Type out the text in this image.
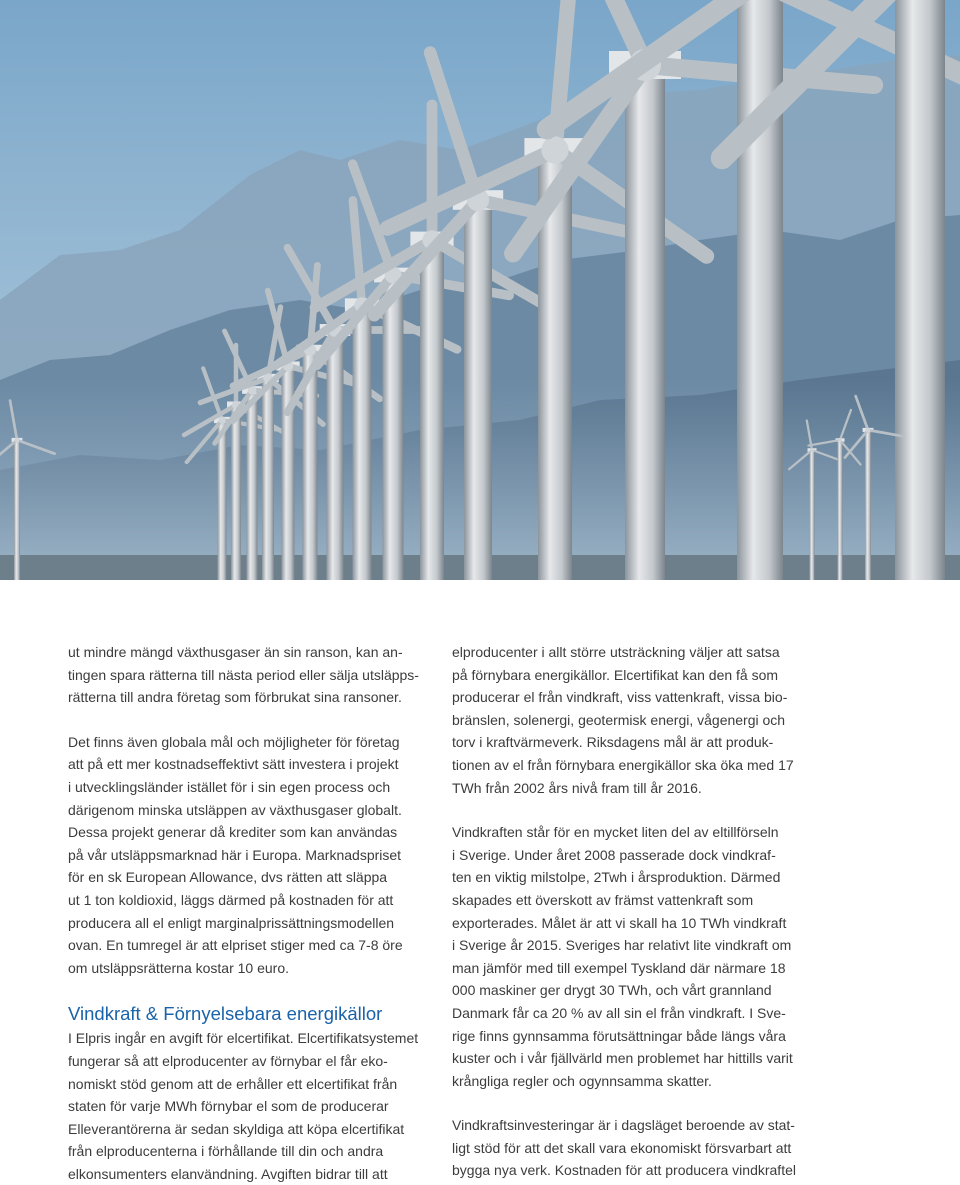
ut mindre mängd växthusgaser än sin ranson, kan an-
tingen spara rätterna till nästa period eller sälja utsläpps-
rätterna till andra företag som förbrukat sina ransoner.

Det finns även globala mål och möjligheter för företag
att på ett mer kostnadseffektivt sätt investera i projekt
i utvecklingsländer istället för i sin egen process och
därigenom minska utsläppen av växthusgaser globalt.
Dessa projekt generar då krediter som kan användas
på vår utsläppsmarknad här i Europa. Marknadspriset
för en sk European Allowance, dvs rätten att släppa
ut 1 ton koldioxid, läggs därmed på kostnaden för att
producera all el enligt marginalprissättningsmodellen
ovan. En tumregel är att elpriset stiger med ca 7-8 öre
om utsläppsrätterna kostar 10 euro.

Vindkraft & Förnyelsebara energikällor

I Elpris ingår en avgift för elcertifikat. Elcertifikatsystemet
fungerar så att elproducenter av förnybar el får eko-
nomiskt stöd genom att de erhåller ett elcertifikat från
staten för varje MWh förnybar el som de producerar
Elleverantörerna är sedan skyldiga att köpa elcertifikat
från elproducenterna i förhållande till din och andra
elkonsumenters elanvändning. Avgiften bidrar till att

elproducenter i allt större utsträckning väljer att satsa
på förnybara energikällor. Elcertifikat kan den få som
producerar el från vindkraft, viss vattenkraft, vissa bio-
bränslen, solenergi, geotermisk energi, vågenergi och
torv i kraftvärmeverk. Riksdagens mål är att produk-
tionen av el från förnybara energikällor ska öka med 17
TWh från 2002 års nivå fram till år 2016.

Vindkraften står för en mycket liten del av eltillförseln
i Sverige. Under året 2008 passerade dock vindkraf-
ten en viktig milstolpe, 2Twh i årsproduktion. Därmed
skapades ett överskott av främst vattenkraft som
exporterades. Målet är att vi skall ha 10 TWh vindkraft
i Sverige år 2015. Sveriges har relativt lite vindkraft om
man jämför med till exempel Tyskland där närmare 18
000 maskiner ger drygt 30 TWh, och vårt grannland
Danmark får ca 20 % av all sin el från vindkraft. I Sve-
rige finns gynnsamma förutsättningar både längs våra
kuster och i vår fjällvärld men problemet har hittills varit
krångliga regler och ogynnsamma skatter.

Vindkraftsinvesteringar är i dagsläget beroende av stat-
ligt stöd för att det skall vara ekonomiskt försvarbart att
bygga nya verk. Kostnaden för att producera vindkraftel
